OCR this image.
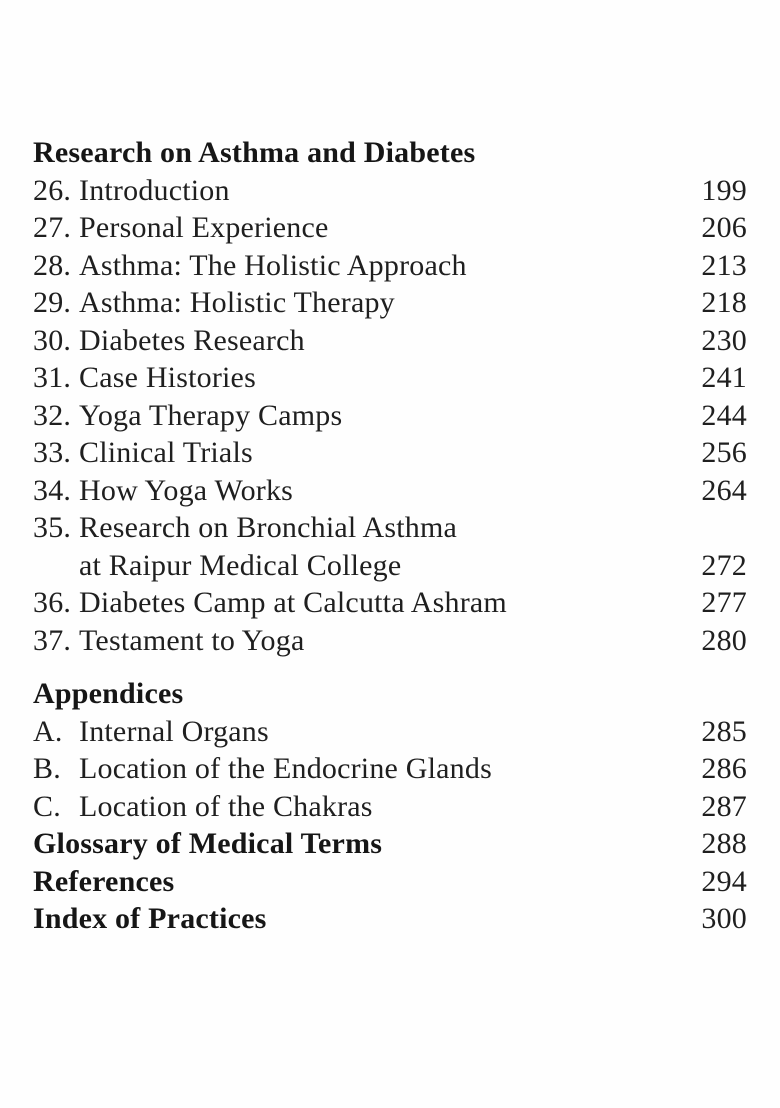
Research on Asthma and Diabetes
26. Introduction	199
27. Personal Experience	206
28. Asthma: The Holistic Approach	213
29. Asthma: Holistic Therapy	218
30. Diabetes Research	230
31. Case Histories	241
32. Yoga Therapy Camps	244
33. Clinical Trials	256
34. How Yoga Works	264
35. Research on Bronchial Asthma
at Raipur Medical College	272
36. Diabetes Camp at Calcutta Ashram	277
37. Testament to Yoga	280
Appendices
A. Internal Organs	285
B. Location of the Endocrine Glands	286
C. Location of the Chakras	287
Glossary of Medical Terms	288
References	294
Index of Practices	300
